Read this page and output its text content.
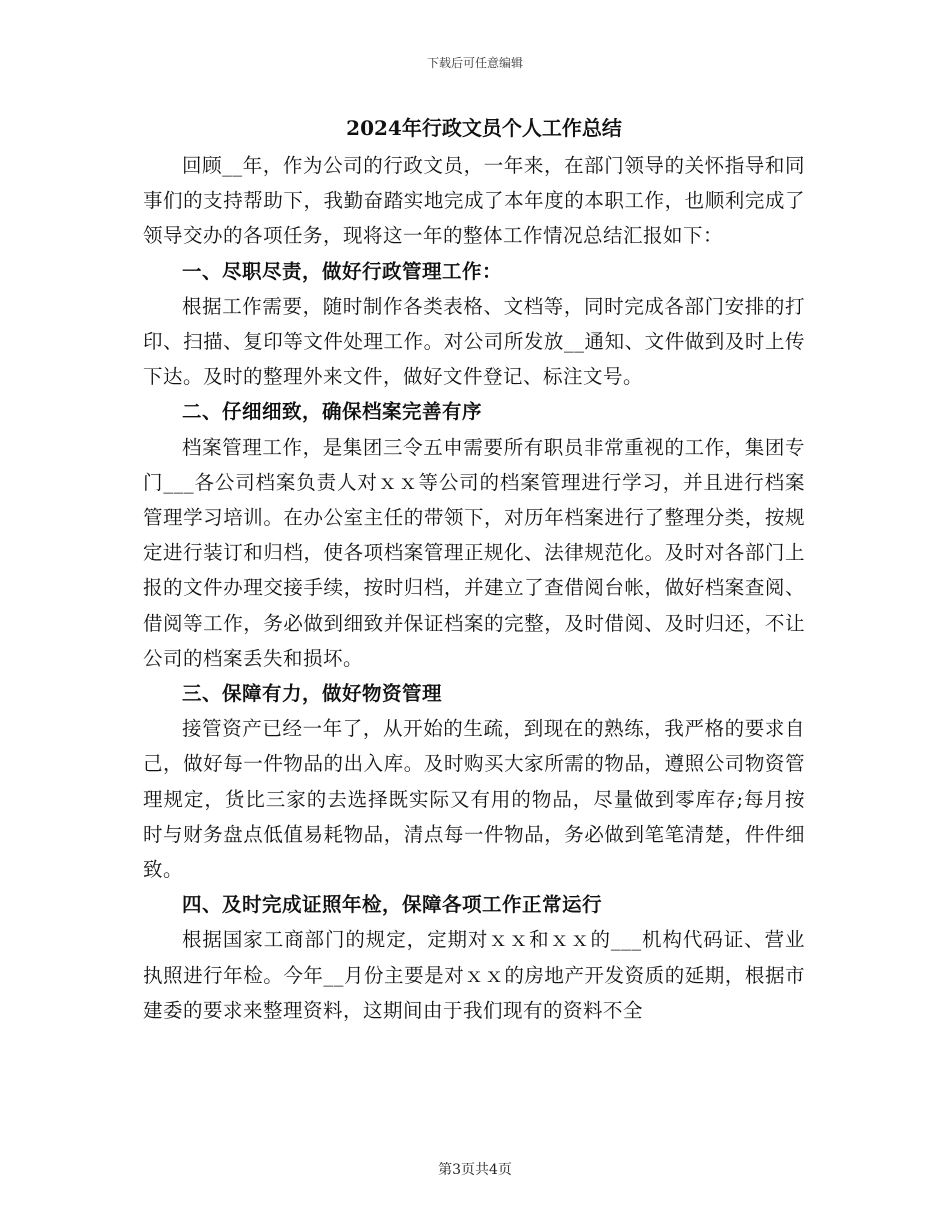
下载后可任意编辑
2024年行政文员个人工作总结

回顾__年，作为公司的行政文员，一年来，在部门领导的关怀指导和同事们的支持帮助下，我勤奋踏实地完成了本年度的本职工作，也顺利完成了领导交办的各项任务，现将这一年的整体工作情况总结汇报如下：

一、尽职尽责，做好行政管理工作：

根据工作需要，随时制作各类表格、文档等，同时完成各部门安排的打印、扫描、复印等文件处理工作。对公司所发放__通知、文件做到及时上传下达。及时的整理外来文件，做好文件登记、标注文号。

二、仔细细致，确保档案完善有序

档案管理工作，是集团三令五申需要所有职员非常重视的工作，集团专门___各公司档案负责人对ｘｘ等公司的档案管理进行学习，并且进行档案管理学习培训。在办公室主任的带领下，对历年档案进行了整理分类，按规定进行装订和归档，使各项档案管理正规化、法律规范化。及时对各部门上报的文件办理交接手续，按时归档，并建立了查借阅台帐，做好档案查阅、借阅等工作，务必做到细致并保证档案的完整，及时借阅、及时归还，不让公司的档案丢失和损坏。

三、保障有力，做好物资管理

接管资产已经一年了，从开始的生疏，到现在的熟练，我严格的要求自己，做好每一件物品的出入库。及时购买大家所需的物品，遵照公司物资管理规定，货比三家的去选择既实际又有用的物品，尽量做到零库存;每月按时与财务盘点低值易耗物品，清点每一件物品，务必做到笔笔清楚，件件细致。

四、及时完成证照年检，保障各项工作正常运行

根据国家工商部门的规定，定期对ｘｘ和ｘｘ的___机构代码证、营业执照进行年检。今年__月份主要是对ｘｘ的房地产开发资质的延期，根据市建委的要求来整理资料，这期间由于我们现有的资料不全

第3页共4页
